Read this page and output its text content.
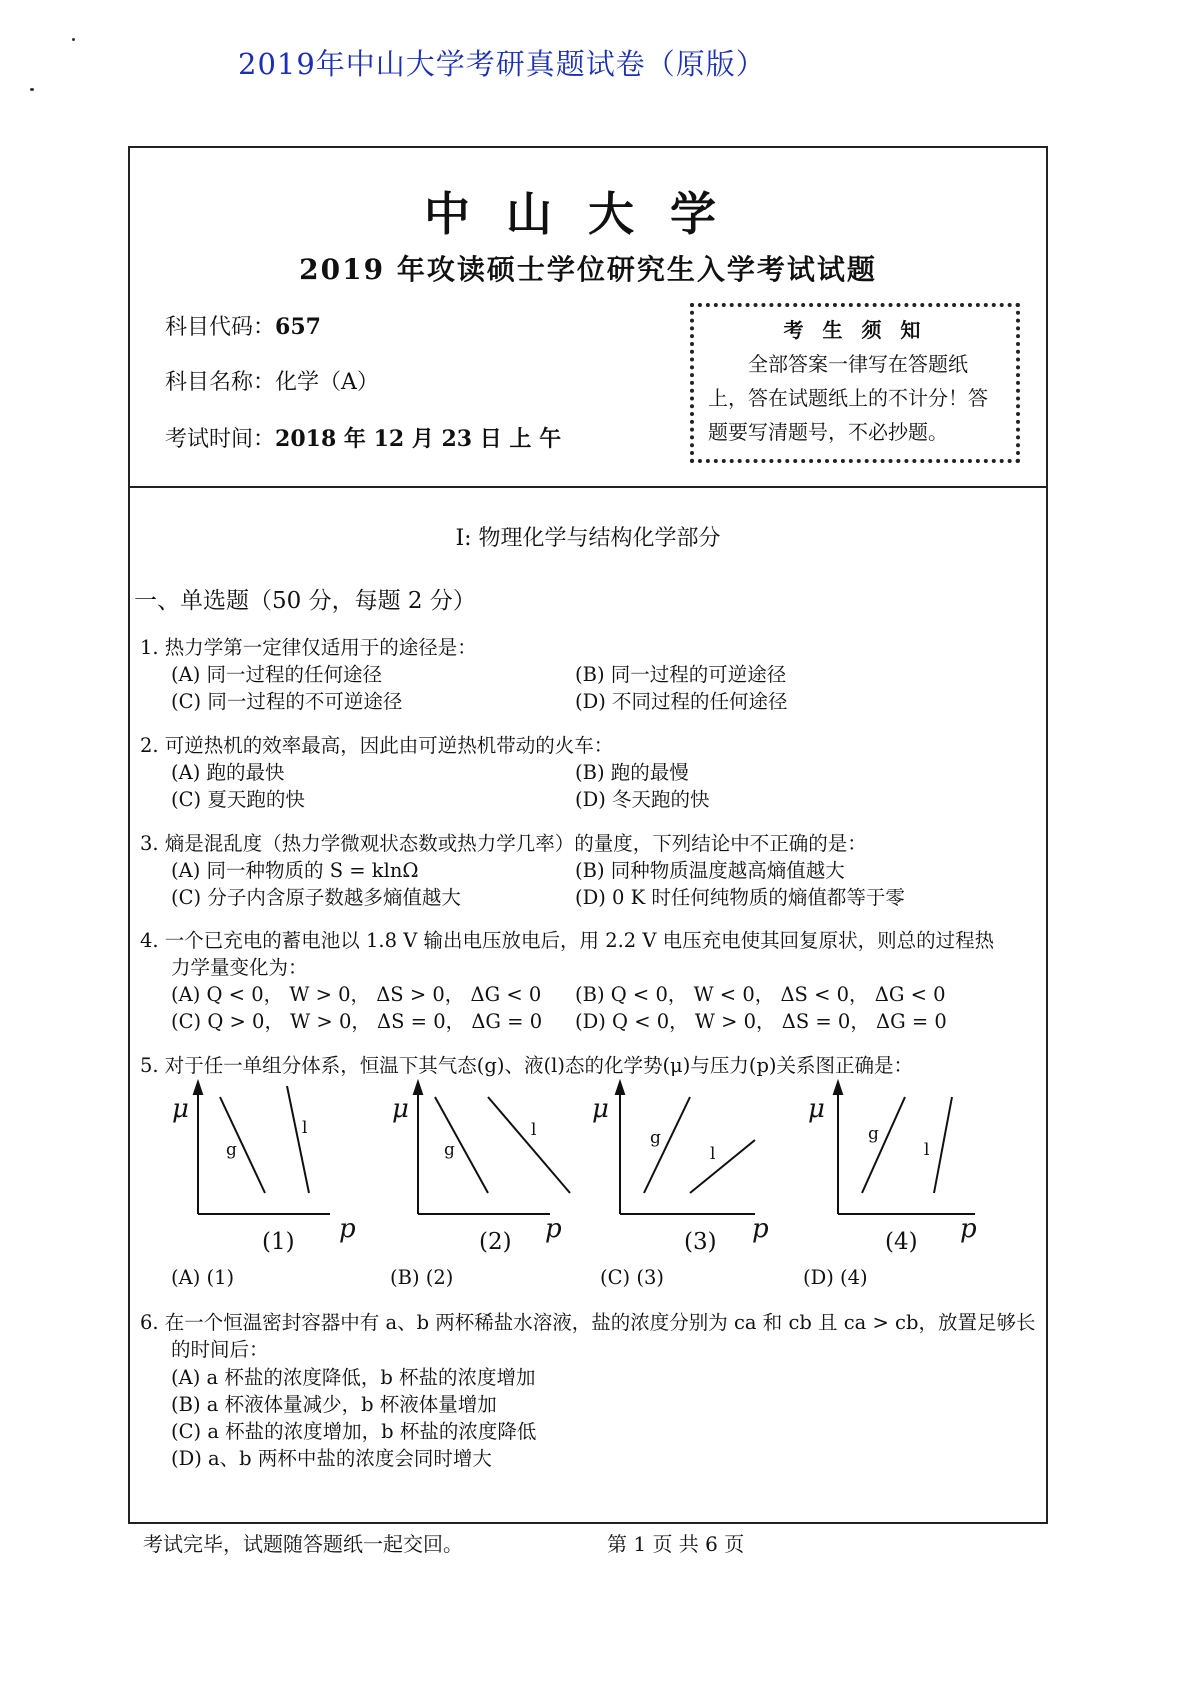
2019年中山大学考研真题试卷（原版）
中山大学
2019 年攻读硕士学位研究生入学考试试题
科目代码：657
科目名称：化学（A）
考试时间：2018 年 12 月 23 日 上 午
考 生 须 知
全部答案一律写在答题纸
上，答在试题纸上的不计分！答
题要写清题号，不必抄题。
I: 物理化学与结构化学部分
一、单选题（50 分，每题 2 分）
1. 热力学第一定律仅适用于的途径是：
(A) 同一过程的任何途径	(B) 同一过程的可逆途径
(C) 同一过程的不可逆途径	(D) 不同过程的任何途径
2. 可逆热机的效率最高，因此由可逆热机带动的火车：
(A) 跑的最快	(B) 跑的最慢
(C) 夏天跑的快	(D) 冬天跑的快
3. 熵是混乱度（热力学微观状态数或热力学几率）的量度，下列结论中不正确的是：
(A) 同一种物质的 S = klnΩ	(B) 同种物质温度越高熵值越大
(C) 分子内含原子数越多熵值越大	(D) 0 K 时任何纯物质的熵值都等于零
4. 一个已充电的蓄电池以 1.8 V 输出电压放电后，用 2.2 V 电压充电使其回复原状，则总的过程热
力学量变化为：
(A) Q < 0， W > 0， ΔS > 0， ΔG < 0 (B) Q < 0， W < 0， ΔS < 0， ΔG < 0
(C) Q > 0， W > 0， ΔS = 0， ΔG = 0 (D) Q < 0， W > 0， ΔS = 0， ΔG = 0
5. 对于任一单组分体系，恒温下其气态(g)、液(l)态的化学势(μ)与压力(p)关系图正确是：
μ
p
g
l
(1)
μ
p
g
l
(2)
μ
p
g
l
(3)
μ
p
g
l
(4)
(A) (1)	(B) (2)	(C) (3)	(D) (4)
6. 在一个恒温密封容器中有 a、b 两杯稀盐水溶液，盐的浓度分别为 ca 和 cb 且 ca > cb，放置足够长
的时间后：
(A) a 杯盐的浓度降低，b 杯盐的浓度增加
(B) a 杯液体量减少，b 杯液体量增加
(C) a 杯盐的浓度增加，b 杯盐的浓度降低
(D) a、b 两杯中盐的浓度会同时增大
考试完毕，试题随答题纸一起交回。	第 1 页 共 6 页
